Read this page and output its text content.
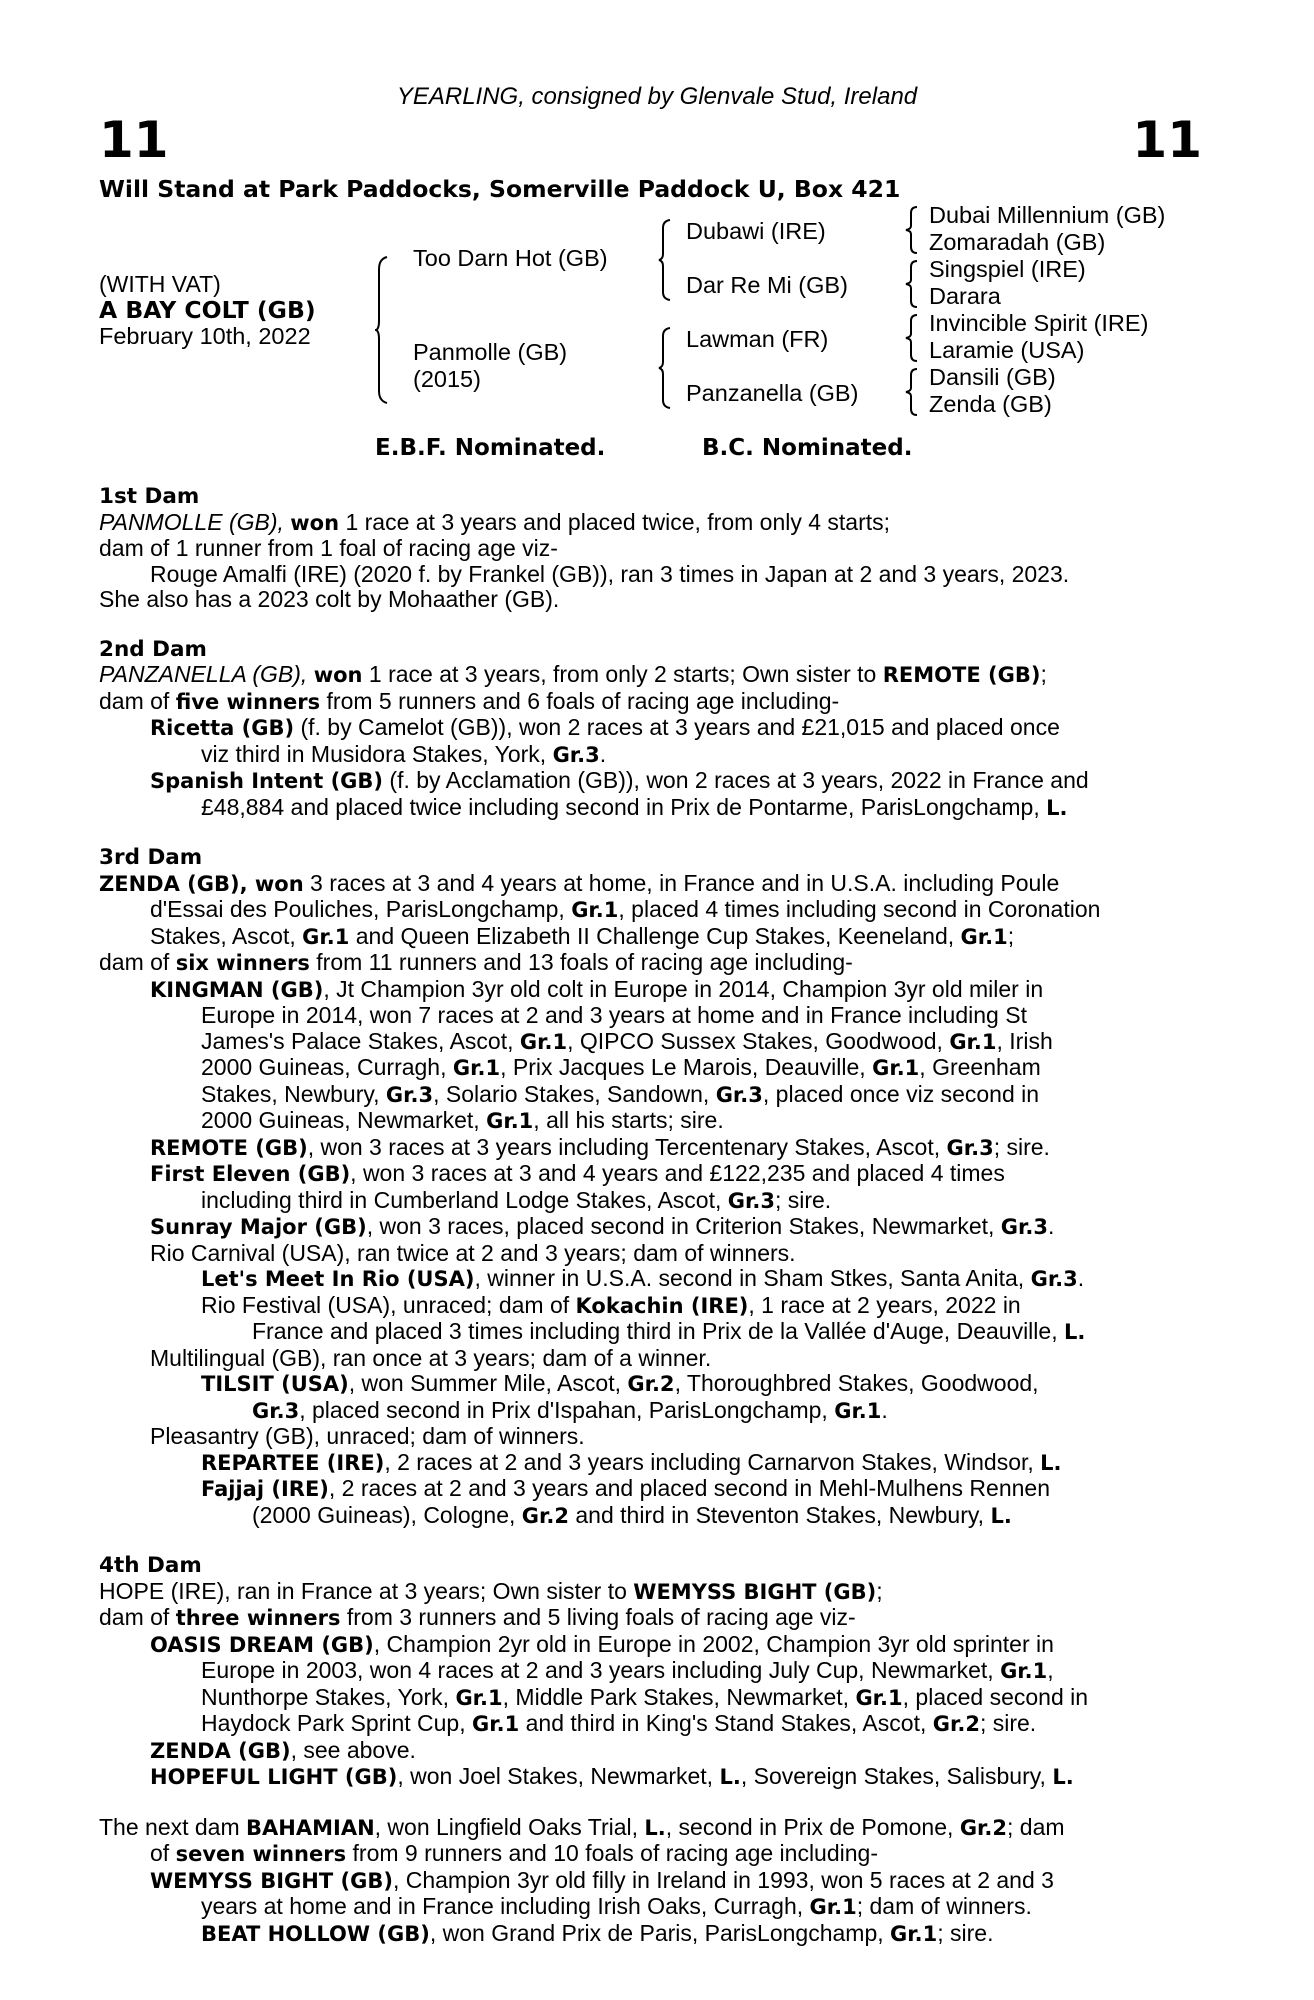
YEARLING, consigned by Glenvale Stud, Ireland
11	11
Will Stand at Park Paddocks, Somerville Paddock U, Box 421
(WITH VAT)
A BAY COLT (GB)
February 10th, 2022
Too Darn Hot (GB)
Panmolle (GB)
(2015)
Dubawi (IRE)
Dar Re Mi (GB)
Lawman (FR)
Panzanella (GB)
Dubai Millennium (GB)
Zomaradah (GB)
Singspiel (IRE)
Darara
Invincible Spirit (IRE)
Laramie (USA)
Dansili (GB)
Zenda (GB)
E.B.F. Nominated.	B.C. Nominated.
1st Dam
PANMOLLE (GB), won 1 race at 3 years and placed twice, from only 4 starts;
dam of 1 runner from 1 foal of racing age viz-
Rouge Amalfi (IRE) (2020 f. by Frankel (GB)), ran 3 times in Japan at 2 and 3 years, 2023.
She also has a 2023 colt by Mohaather (GB).
2nd Dam
PANZANELLA (GB), won 1 race at 3 years, from only 2 starts; Own sister to REMOTE (GB);
dam of five winners from 5 runners and 6 foals of racing age including-
Ricetta (GB) (f. by Camelot (GB)), won 2 races at 3 years and £21,015 and placed once
viz third in Musidora Stakes, York, Gr.3.
Spanish Intent (GB) (f. by Acclamation (GB)), won 2 races at 3 years, 2022 in France and
£48,884 and placed twice including second in Prix de Pontarme, ParisLongchamp, L.
3rd Dam
ZENDA (GB), won 3 races at 3 and 4 years at home, in France and in U.S.A. including Poule
d'Essai des Pouliches, ParisLongchamp, Gr.1, placed 4 times including second in Coronation
Stakes, Ascot, Gr.1 and Queen Elizabeth II Challenge Cup Stakes, Keeneland, Gr.1;
dam of six winners from 11 runners and 13 foals of racing age including-
KINGMAN (GB), Jt Champion 3yr old colt in Europe in 2014, Champion 3yr old miler in
Europe in 2014, won 7 races at 2 and 3 years at home and in France including St
James's Palace Stakes, Ascot, Gr.1, QIPCO Sussex Stakes, Goodwood, Gr.1, Irish
2000 Guineas, Curragh, Gr.1, Prix Jacques Le Marois, Deauville, Gr.1, Greenham
Stakes, Newbury, Gr.3, Solario Stakes, Sandown, Gr.3, placed once viz second in
2000 Guineas, Newmarket, Gr.1, all his starts; sire.
REMOTE (GB), won 3 races at 3 years including Tercentenary Stakes, Ascot, Gr.3; sire.
First Eleven (GB), won 3 races at 3 and 4 years and £122,235 and placed 4 times
including third in Cumberland Lodge Stakes, Ascot, Gr.3; sire.
Sunray Major (GB), won 3 races, placed second in Criterion Stakes, Newmarket, Gr.3.
Rio Carnival (USA), ran twice at 2 and 3 years; dam of winners.
Let's Meet In Rio (USA), winner in U.S.A. second in Sham Stkes, Santa Anita, Gr.3.
Rio Festival (USA), unraced; dam of Kokachin (IRE), 1 race at 2 years, 2022 in
France and placed 3 times including third in Prix de la Vallée d'Auge, Deauville, L.
Multilingual (GB), ran once at 3 years; dam of a winner.
TILSIT (USA), won Summer Mile, Ascot, Gr.2, Thoroughbred Stakes, Goodwood,
Gr.3, placed second in Prix d'Ispahan, ParisLongchamp, Gr.1.
Pleasantry (GB), unraced; dam of winners.
REPARTEE (IRE), 2 races at 2 and 3 years including Carnarvon Stakes, Windsor, L.
Fajjaj (IRE), 2 races at 2 and 3 years and placed second in Mehl-Mulhens Rennen
(2000 Guineas), Cologne, Gr.2 and third in Steventon Stakes, Newbury, L.
4th Dam
HOPE (IRE), ran in France at 3 years; Own sister to WEMYSS BIGHT (GB);
dam of three winners from 3 runners and 5 living foals of racing age viz-
OASIS DREAM (GB), Champion 2yr old in Europe in 2002, Champion 3yr old sprinter in
Europe in 2003, won 4 races at 2 and 3 years including July Cup, Newmarket, Gr.1,
Nunthorpe Stakes, York, Gr.1, Middle Park Stakes, Newmarket, Gr.1, placed second in
Haydock Park Sprint Cup, Gr.1 and third in King's Stand Stakes, Ascot, Gr.2; sire.
ZENDA (GB), see above.
HOPEFUL LIGHT (GB), won Joel Stakes, Newmarket, L., Sovereign Stakes, Salisbury, L.
The next dam BAHAMIAN, won Lingfield Oaks Trial, L., second in Prix de Pomone, Gr.2; dam
of seven winners from 9 runners and 10 foals of racing age including-
WEMYSS BIGHT (GB), Champion 3yr old filly in Ireland in 1993, won 5 races at 2 and 3
years at home and in France including Irish Oaks, Curragh, Gr.1; dam of winners.
BEAT HOLLOW (GB), won Grand Prix de Paris, ParisLongchamp, Gr.1; sire.
